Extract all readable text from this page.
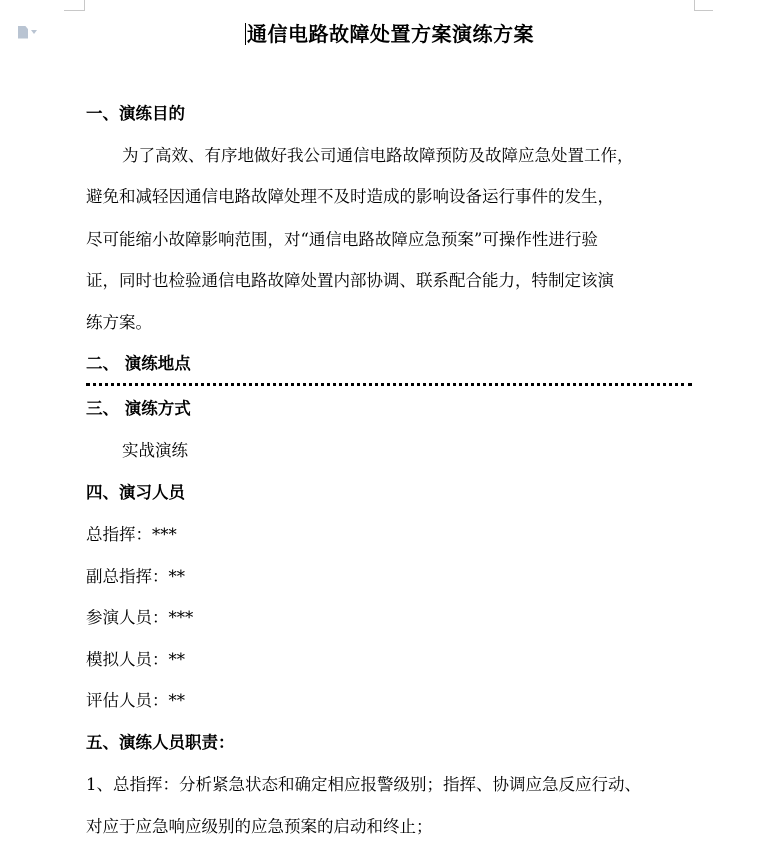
通信电路故障处置方案演练方案
一、演练目的
为了高效、有序地做好我公司通信电路故障预防及故障应急处置工作，
避免和减轻因通信电路故障处理不及时造成的影响设备运行事件的发生，
尽可能缩小故障影响范围，对“通信电路故障应急预案”可操作性进行验
证，同时也检验通信电路故障处置内部协调、联系配合能力，特制定该演
练方案。
二、 演练地点
三、 演练方式
实战演练
四、演习人员
总指挥：***
副总指挥：**
参演人员：***
模拟人员：**
评估人员：**
五、演练人员职责：
1、总指挥：分析紧急状态和确定相应报警级别；指挥、协调应急反应行动、
对应于应急响应级别的应急预案的启动和终止；
